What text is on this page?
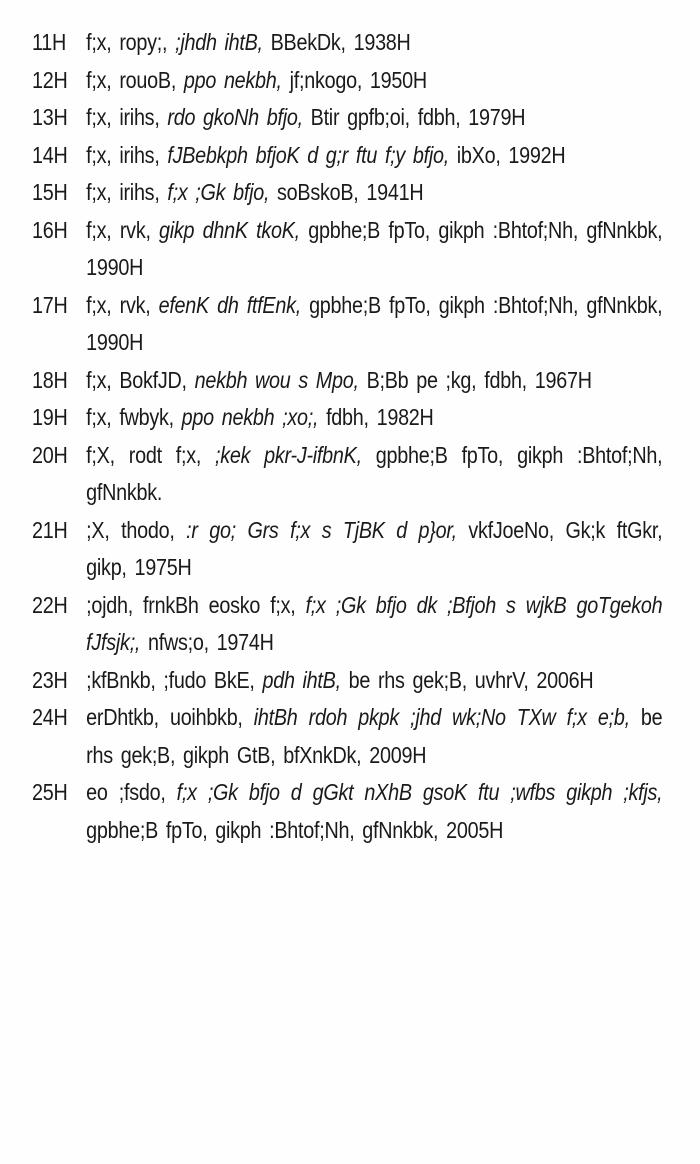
11H f;x, ropy;, ;jhdh ihtB, BBekDk, 1938H
12H f;x, rouoB, ppo nekbh, jf;nkogo, 1950H
13H f;x, irihs, rdo gkoNh bfjo, Btir gpfb;oi, fdbh, 1979H
14H f;x, irihs, fJBebkph bfjoK d g;r ftu f;y bfjo, ibXo, 1992H
15H f;x, irihs, f;x ;Gk bfjo, soBskoB, 1941H
16H f;x, rvk, gikp dhnK tkoK, gpbhe;B fpTo, gikph :Bhtof;Nh, gfNnkbk, 1990H
17H f;x, rvk, efenK dh ftfEnk, gpbhe;B fpTo, gikph :Bhtof;Nh, gfNnkbk, 1990H
18H f;x, BokfJD, nekbh wou s Mpo, B;Bb pe ;kg, fdbh, 1967H
19H f;x, fwbyk, ppo nekbh ;xo;, fdbh, 1982H
20H f;X, rodt f;x, ;kek pkr-J-ifbnK, gpbhe;B fpTo, gikph :Bhtof;Nh, gfNnkbk.
21H ;X, thodo, :r go; Grs f;x s TjBK d p}or, vkfJoeNo, Gk;k ftGkr, gikp, 1975H
22H ;ojdh, frnkBh eosko f;x, f;x ;Gk bfjo dk ;Bfjoh s wjkB goTgekoh fJfsjk;, nfws;o, 1974H
23H ;kfBnkb, ;fudo BkE, pdh ihtB, be rhs gek;B, uvhrV, 2006H
24H erDhtkb, uoihbkb, ihtBh rdoh pkpk ;jhd wk;No TXw f;x e;b, be rhs gek;B, gikph GtB, bfXnkDk, 2009H
25H eo ;fsdo, f;x ;Gk bfjo d gGkt nXhB gsoK ftu ;wfbs gikph ;kfjs, gpbhe;B fpTo, gikph :Bhtof;Nh, gfNnkbk, 2005H
